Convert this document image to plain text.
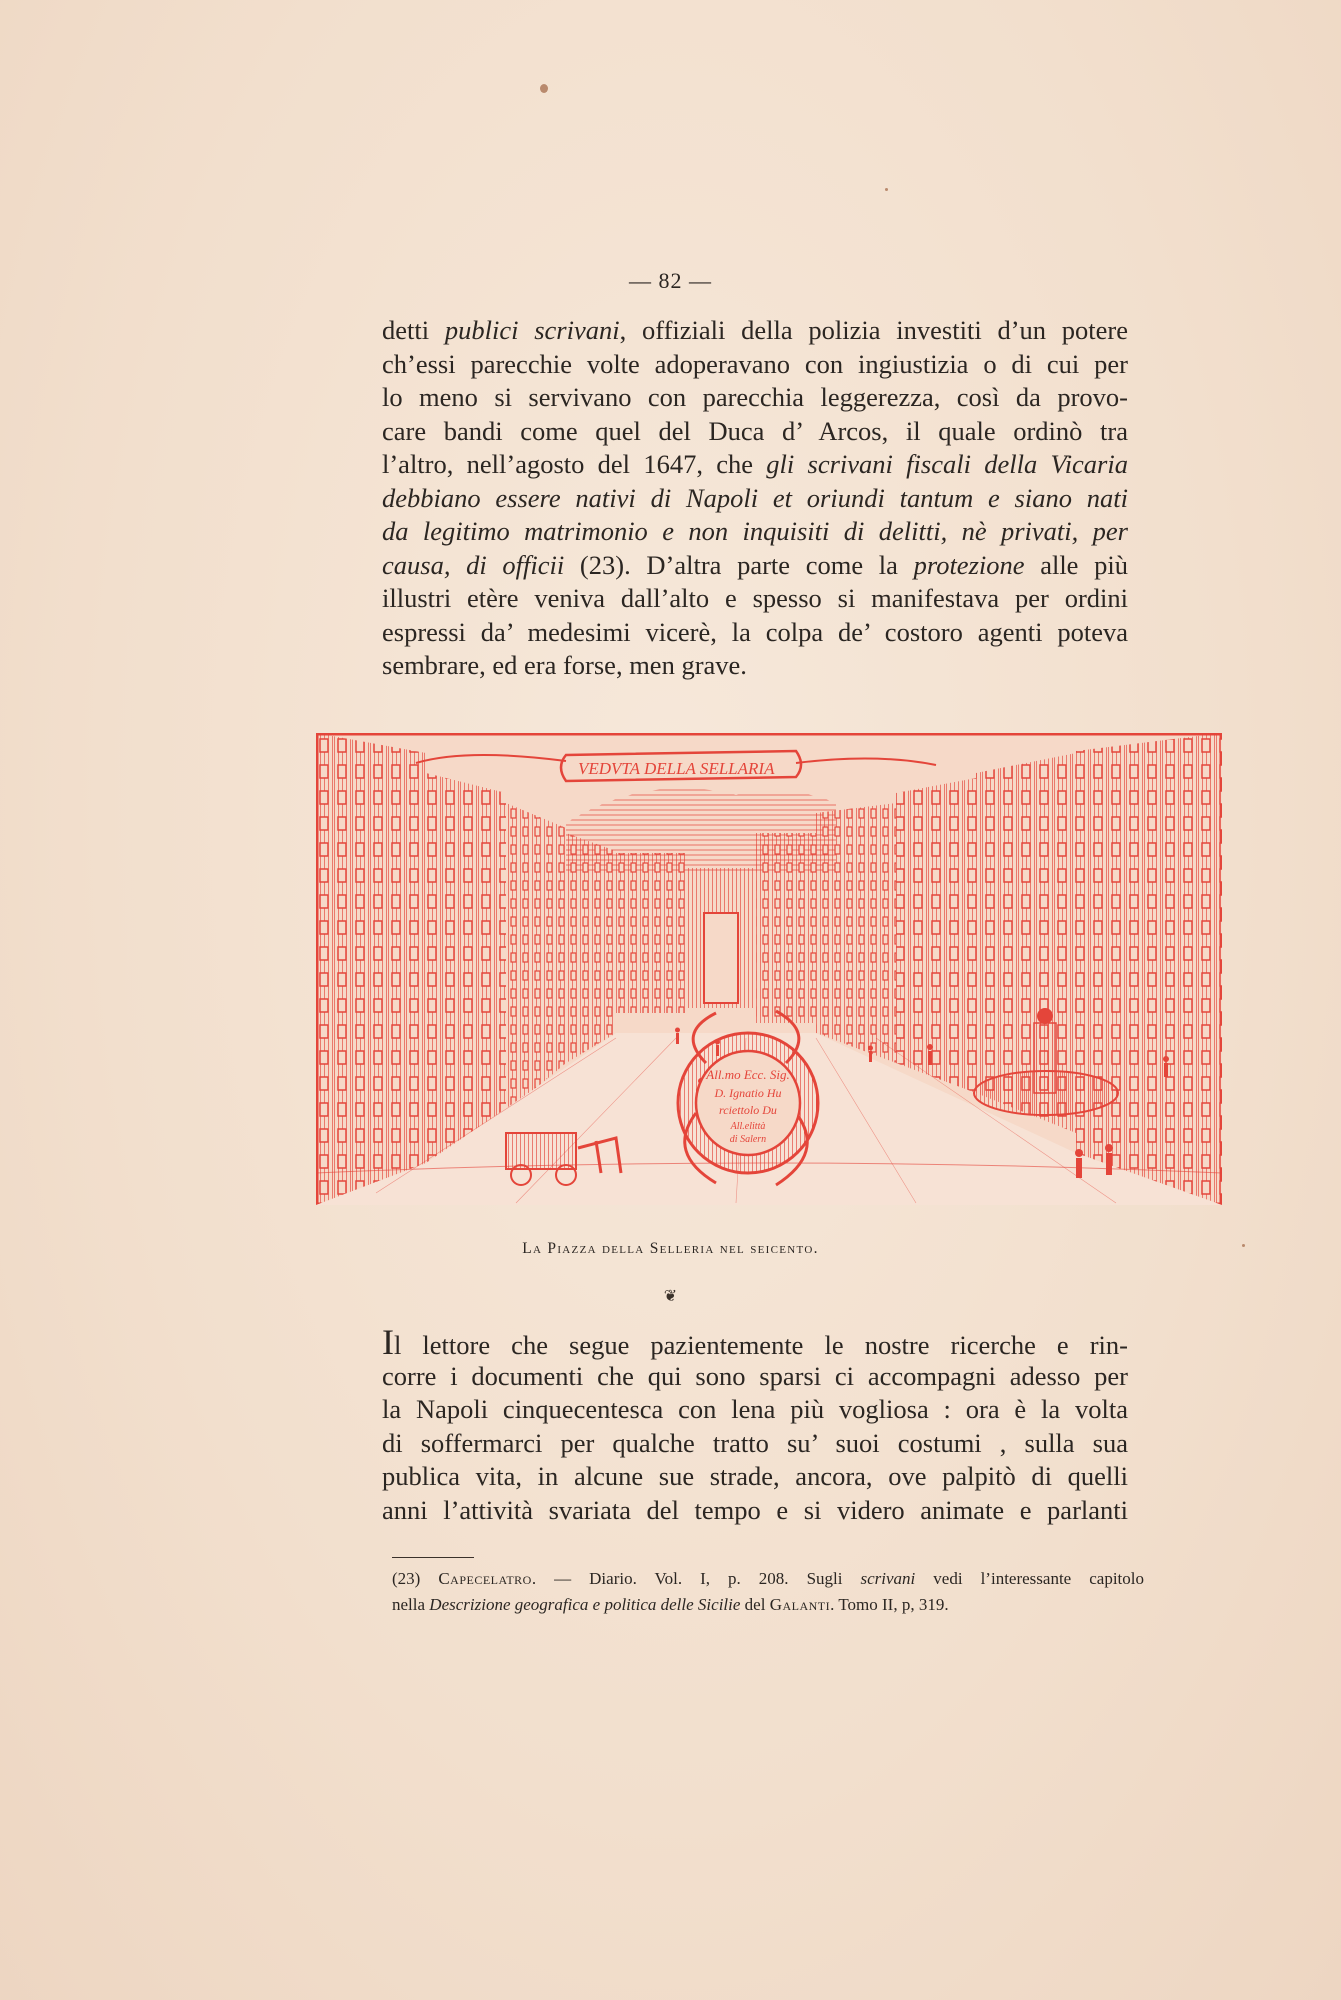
— 82 —
detti publici scrivani, offiziali della polizia investiti d’un potere
ch’essi parecchie volte adoperavano con ingiustizia o di cui per
lo meno si servivano con parecchia leggerezza, così da provo-
care bandi come quel del Duca d’ Arcos, il quale ordinò tra
l’altro, nell’agosto del 1647, che gli scrivani fiscali della Vicaria
debbiano essere nativi di Napoli et oriundi tantum e siano nati
da legitimo matrimonio e non inquisiti di delitti, nè privati, per
causa, di officii (23). D’altra parte come la protezione alle più
illustri etère veniva dall’alto e spesso si manifestava per ordini
espressi da’ medesimi vicerè, la colpa de’ costoro agenti poteva
sembrare, ed era forse, men grave.
VEDVTA DELLA SELLARIA
All.mo Ecc. Sig.
D. Ignatio Hu
rciettolo Du
All.elittà
di Salern
La Piazza della Selleria nel seicento.
❦
Il lettore che segue pazientemente le nostre ricerche e rin-
corre i documenti che qui sono sparsi ci accompagni adesso per
la Napoli cinquecentesca con lena più vogliosa : ora è la volta
di soffermarci per qualche tratto su’ suoi costumi , sulla sua
publica vita, in alcune sue strade, ancora, ove palpitò di quelli
anni l’attività svariata del tempo e si videro animate e parlanti
(23) Capecelatro. — Diario. Vol. I, p. 208. Sugli scrivani vedi l’interessante capitolo
nella Descrizione geografica e politica delle Sicilie del Galanti. Tomo II, p, 319.
